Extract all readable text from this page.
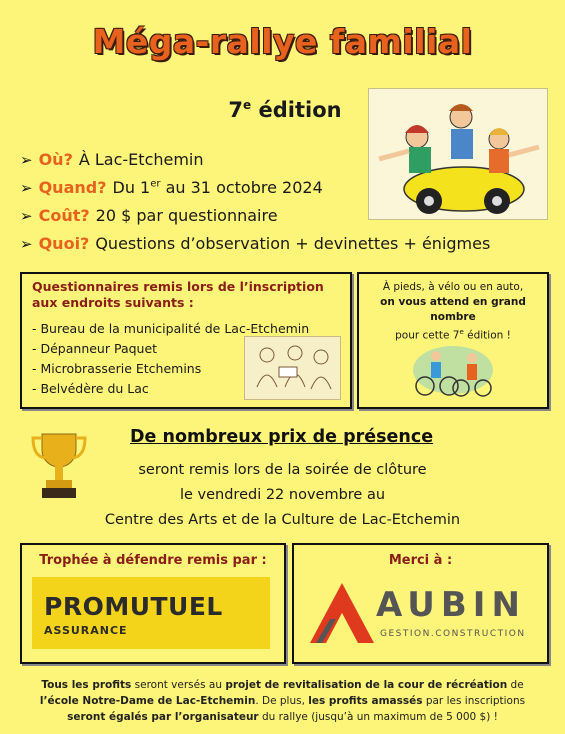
Méga-rallye familial
7e édition
➢ Où? À Lac-Etchemin
➢ Quand? Du 1er au 31 octobre 2024
➢ Coût? 20 $ par questionnaire
➢ Quoi? Questions d’observation + devinettes + énigmes
Questionnaires remis lors de l’inscription aux endroits suivants :
- Bureau de la municipalité de Lac-Etchemin
- Dépanneur Paquet
- Microbrasserie Etchemins
- Belvédère du Lac
À pieds, à vélo ou en auto,
on vous attend en grand nombre
pour cette 7e édition !
De nombreux prix de présence
seront remis lors de la soirée de clôture
le vendredi 22 novembre au
Centre des Arts et de la Culture de Lac-Etchemin
Trophée à défendre remis par :
PROMUTUEL
ASSURANCE
Merci à :
AUBIN
GESTION.CONSTRUCTION
Tous les profits seront versés au projet de revitalisation de la cour de récréation de l’école Notre-Dame de Lac-Etchemin. De plus, les profits amassés par les inscriptions seront égalés par l’organisateur du rallye (jusqu’à un maximum de 5 000 $) !
